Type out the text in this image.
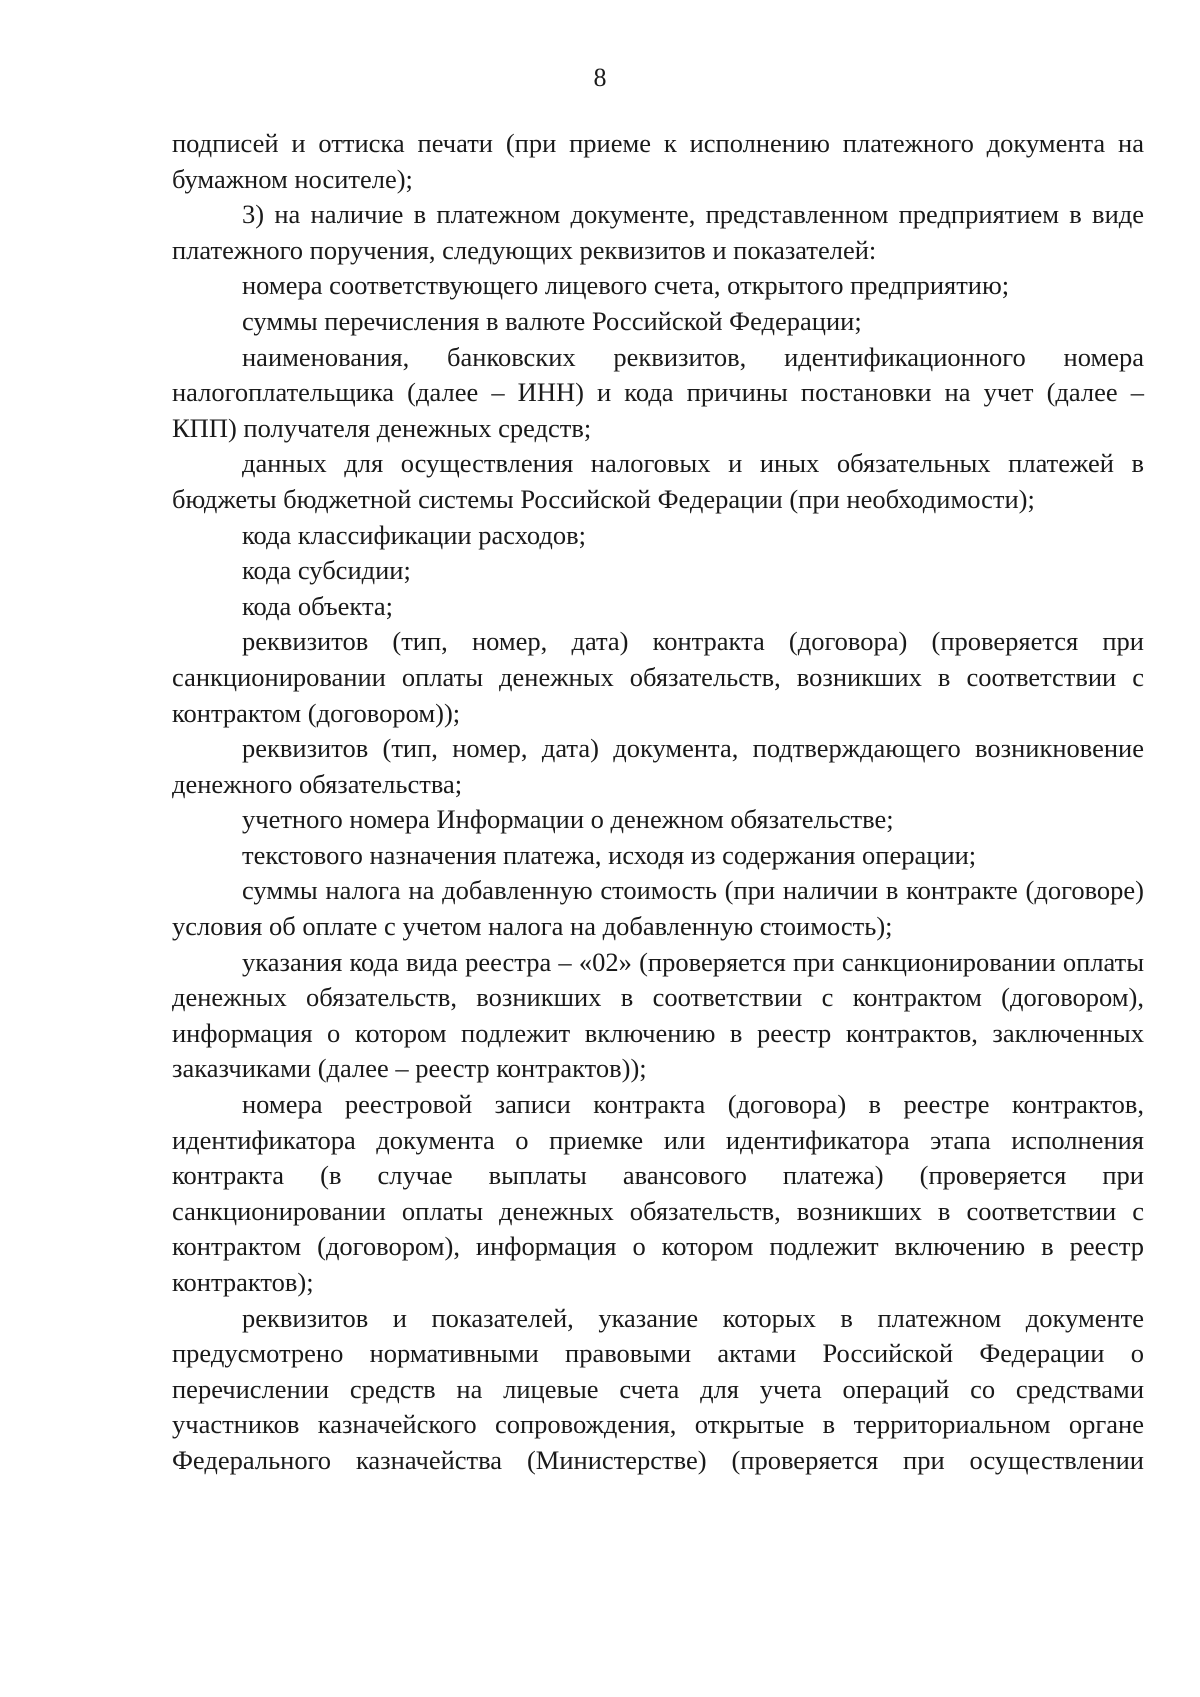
8

подписей и оттиска печати (при приеме к исполнению платежного документа на бумажном носителе);

3) на наличие в платежном документе, представленном предприятием в виде платежного поручения, следующих реквизитов и показателей:

номера соответствующего лицевого счета, открытого предприятию;

суммы перечисления в валюте Российской Федерации;

наименования, банковских реквизитов, идентификационного номера налогоплательщика (далее – ИНН) и кода причины постановки на учет (далее – КПП) получателя денежных средств;

данных для осуществления налоговых и иных обязательных платежей в бюджеты бюджетной системы Российской Федерации (при необходимости);

кода классификации расходов;

кода субсидии;

кода объекта;

реквизитов (тип, номер, дата) контракта (договора) (проверяется при санкционировании оплаты денежных обязательств, возникших в соответствии с контрактом (договором));

реквизитов (тип, номер, дата) документа, подтверждающего возникновение денежного обязательства;

учетного номера Информации о денежном обязательстве;

текстового назначения платежа, исходя из содержания операции;

суммы налога на добавленную стоимость (при наличии в контракте (договоре) условия об оплате с учетом налога на добавленную стоимость);

указания кода вида реестра – «02» (проверяется при санкционировании оплаты денежных обязательств, возникших в соответствии с контрактом (договором), информация о котором подлежит включению в реестр контрактов, заключенных заказчиками (далее – реестр контрактов));

номера реестровой записи контракта (договора) в реестре контрактов, идентификатора документа о приемке или идентификатора этапа исполнения контракта (в случае выплаты авансового платежа) (проверяется при санкционировании оплаты денежных обязательств, возникших в соответствии с контрактом (договором), информация о котором подлежит включению в реестр контрактов);

реквизитов и показателей, указание которых в платежном документе предусмотрено нормативными правовыми актами Российской Федерации о перечислении средств на лицевые счета для учета операций со средствами участников казначейского сопровождения, открытые в территориальном органе Федерального казначейства (Министерстве) (проверяется при осуществлении
